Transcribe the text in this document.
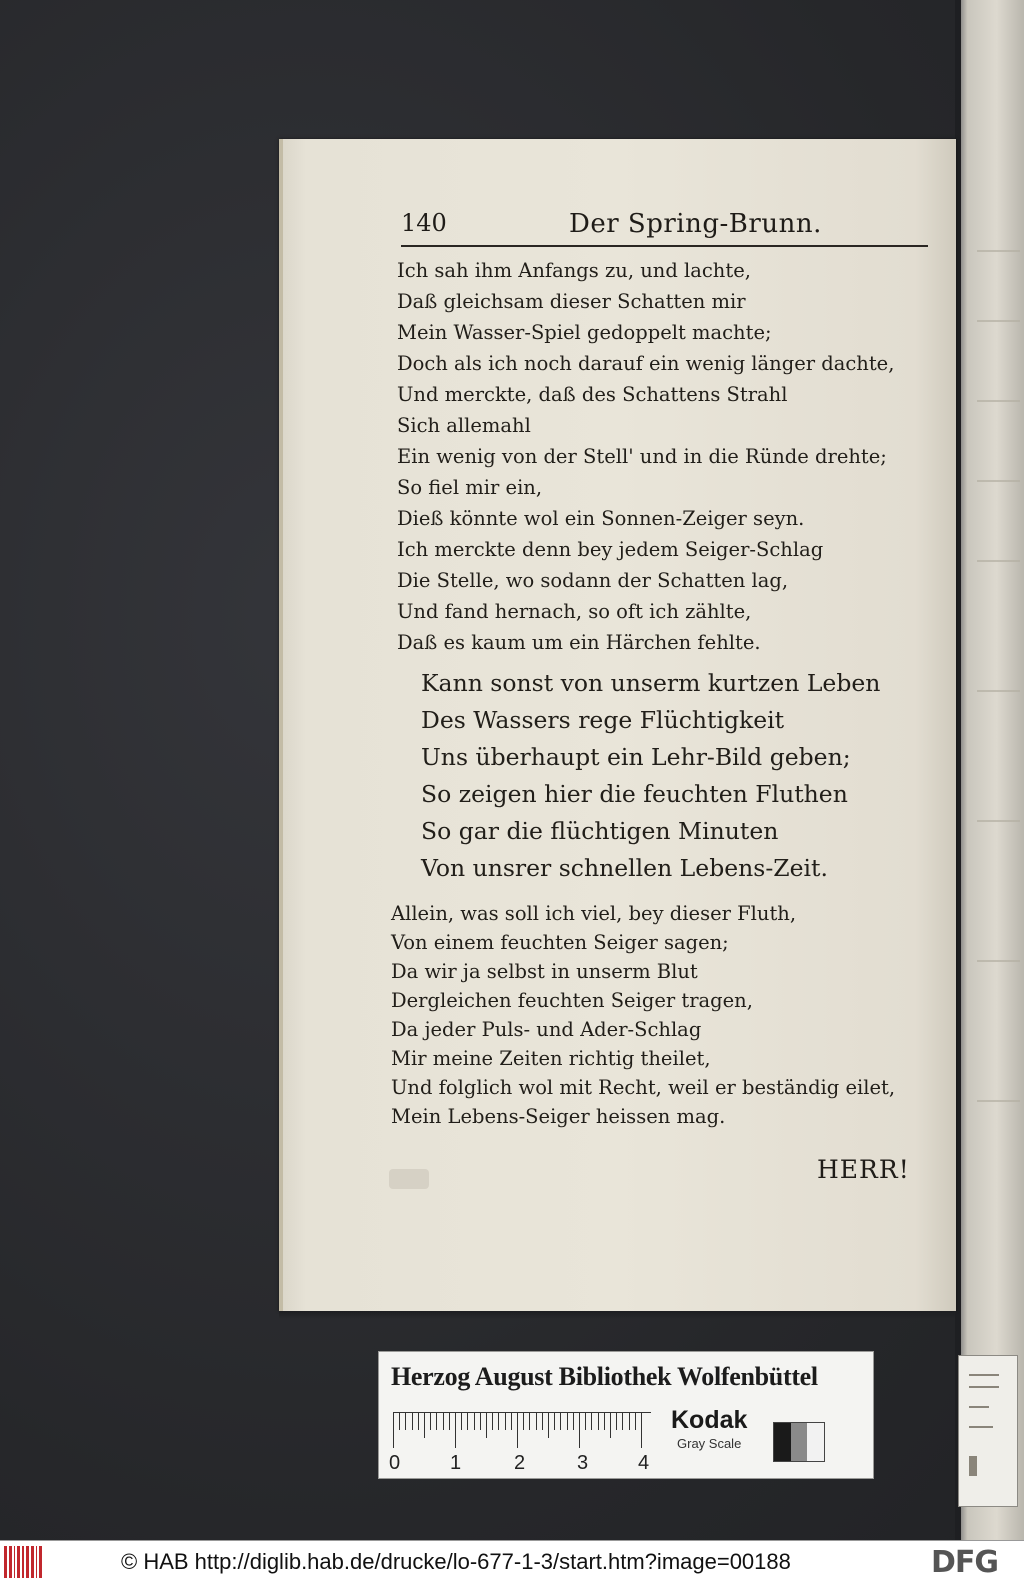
140	Der Spring-Brunn.
Ich sah ihm Anfangs zu, und lachte,
Daß gleichsam dieser Schatten mir
Mein Wasser-Spiel gedoppelt machte;
Doch als ich noch darauf ein wenig länger dachte,
Und merckte, daß des Schattens Strahl
Sich allemahl
Ein wenig von der Stell' und in die Ründe drehte;
So fiel mir ein,
Dieß könnte wol ein Sonnen-Zeiger seyn.
Ich merckte denn bey jedem Seiger-Schlag
Die Stelle, wo sodann der Schatten lag,
Und fand hernach, so oft ich zählte,
Daß es kaum um ein Härchen fehlte.
Kann sonst von unserm kurtzen Leben
Des Wassers rege Flüchtigkeit
Uns überhaupt ein Lehr-Bild geben;
So zeigen hier die feuchten Fluthen
So gar die flüchtigen Minuten
Von unsrer schnellen Lebens-Zeit.
Allein, was soll ich viel, bey dieser Fluth,
Von einem feuchten Seiger sagen;
Da wir ja selbst in unserm Blut
Dergleichen feuchten Seiger tragen,
Da jeder Puls- und Ader-Schlag
Mir meine Zeiten richtig theilet,
Und folglich wol mit Recht, weil er beständig eilet,
Mein Lebens-Seiger heissen mag.
HERR!
Herzog August Bibliothek Wolfenbüttel
0 1	2	3 4
Kodak
Gray Scale
© HAB http://diglib.hab.de/drucke/lo-677-1-3/start.htm?image=00188	DFG
